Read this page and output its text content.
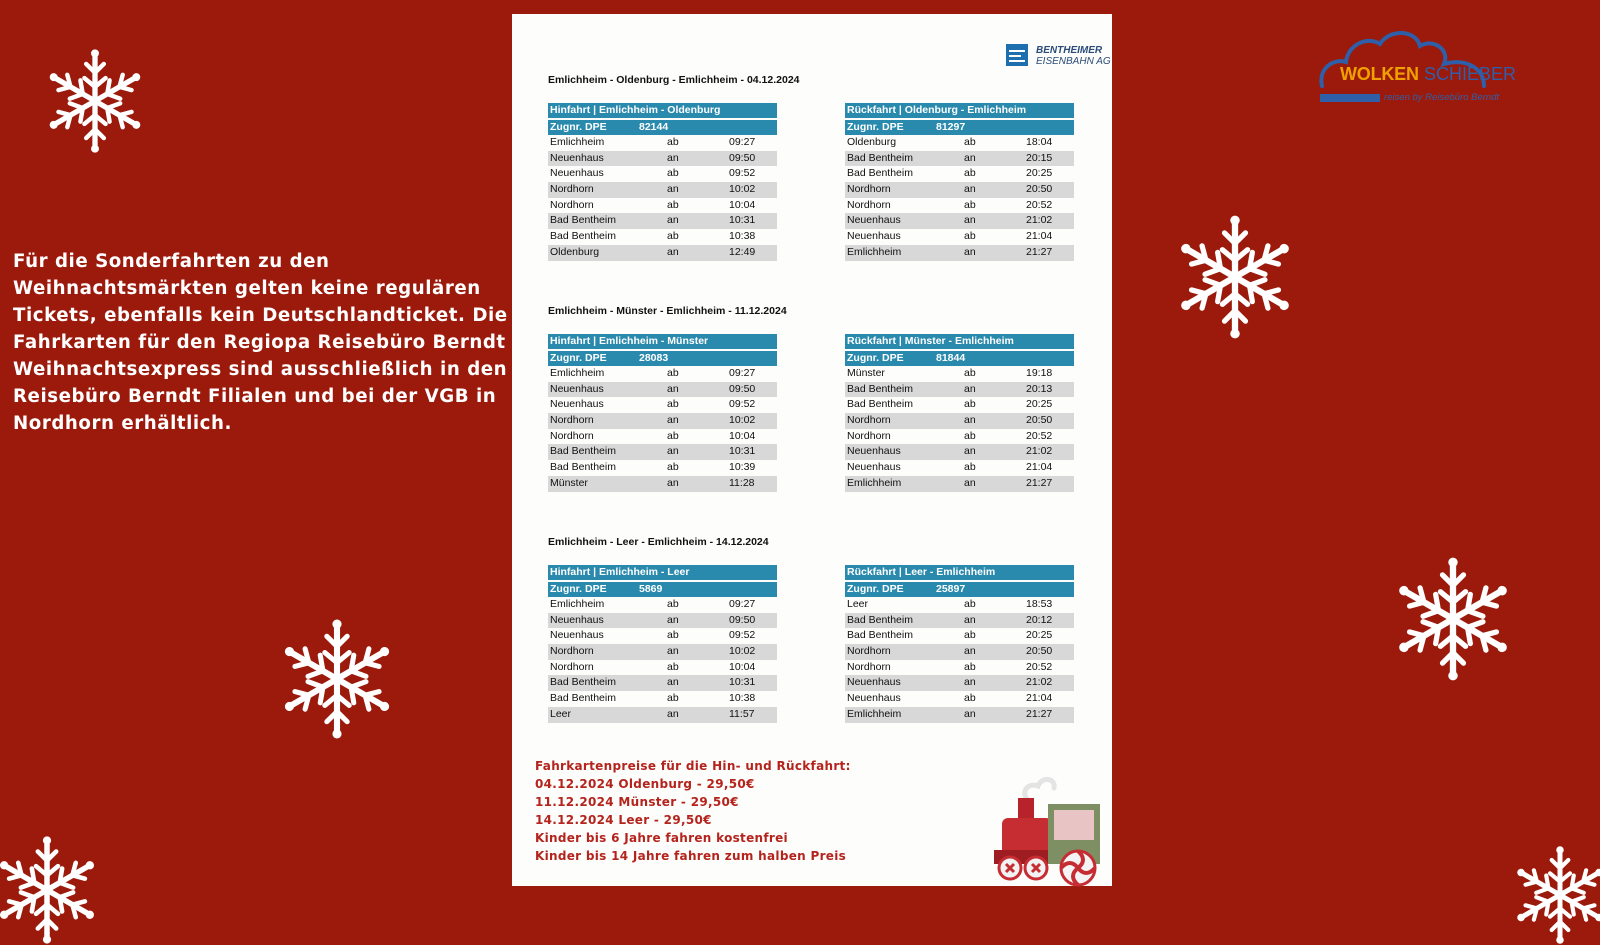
Für die Sonderfahrten zu den Weihnachtsmärkten gelten keine regulären Tickets, ebenfalls kein Deutschlandticket. Die Fahrkarten für den Regiopa Reisebüro Berndt Weihnachtsexpress sind ausschließlich in den Reisebüro Berndt Filialen und bei der VGB in Nordhorn erhältlich.
WOLKEN SCHIEBER
reisen by Reisebüro Berndt
BENTHEIMER
EISENBAHN AG
Emlichheim - Oldenburg - Emlichheim - 04.12.2024
Hinfahrt | Emlichheim - Oldenburg
Zugnr. DPE	82144
Emlichheim	ab	09:27
Neuenhaus	an	09:50
Neuenhaus	ab	09:52
Nordhorn	an	10:02
Nordhorn	ab	10:04
Bad Bentheim	an	10:31
Bad Bentheim	ab	10:38
Oldenburg	an	12:49
Rückfahrt | Oldenburg - Emlichheim
Zugnr. DPE	81297
Oldenburg	ab	18:04
Bad Bentheim	an	20:15
Bad Bentheim	ab	20:25
Nordhorn	an	20:50
Nordhorn	ab	20:52
Neuenhaus	an	21:02
Neuenhaus	ab	21:04
Emlichheim	an	21:27
Emlichheim - Münster - Emlichheim - 11.12.2024
Hinfahrt | Emlichheim - Münster
Zugnr. DPE	28083
Emlichheim	ab	09:27
Neuenhaus	an	09:50
Neuenhaus	ab	09:52
Nordhorn	an	10:02
Nordhorn	ab	10:04
Bad Bentheim	an	10:31
Bad Bentheim	ab	10:39
Münster	an	11:28
Rückfahrt | Münster - Emlichheim
Zugnr. DPE	81844
Münster	ab	19:18
Bad Bentheim	an	20:13
Bad Bentheim	ab	20:25
Nordhorn	an	20:50
Nordhorn	ab	20:52
Neuenhaus	an	21:02
Neuenhaus	ab	21:04
Emlichheim	an	21:27
Emlichheim - Leer - Emlichheim - 14.12.2024
Hinfahrt | Emlichheim - Leer
Zugnr. DPE	5869
Emlichheim	ab	09:27
Neuenhaus	an	09:50
Neuenhaus	ab	09:52
Nordhorn	an	10:02
Nordhorn	ab	10:04
Bad Bentheim	an	10:31
Bad Bentheim	ab	10:38
Leer	an	11:57
Rückfahrt | Leer - Emlichheim
Zugnr. DPE	25897
Leer	ab	18:53
Bad Bentheim	an	20:12
Bad Bentheim	ab	20:25
Nordhorn	an	20:50
Nordhorn	ab	20:52
Neuenhaus	an	21:02
Neuenhaus	ab	21:04
Emlichheim	an	21:27
Fahrkartenpreise für die Hin- und Rückfahrt:
04.12.2024 Oldenburg - 29,50€
11.12.2024 Münster - 29,50€
14.12.2024 Leer - 29,50€
Kinder bis 6 Jahre fahren kostenfrei
Kinder bis 14 Jahre fahren zum halben Preis
